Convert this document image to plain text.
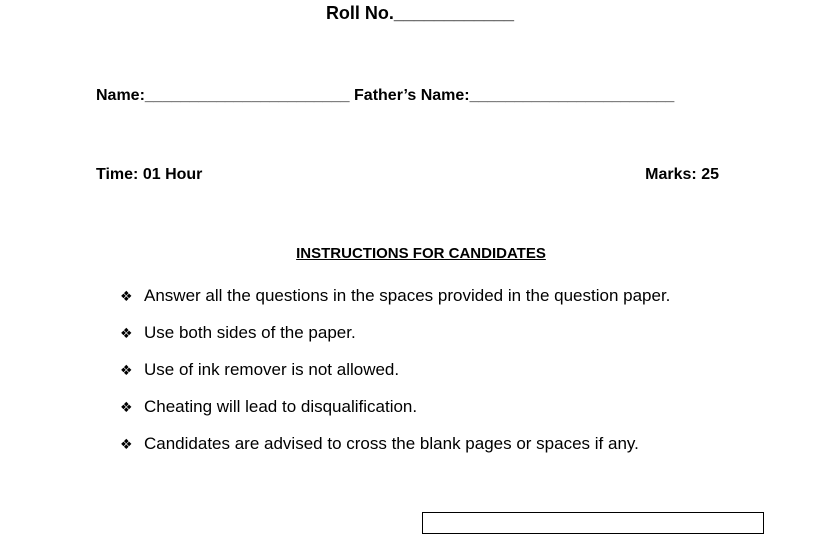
Roll No.____________
Name:_______________________ Father’s Name:_______________________
Time: 01 Hour	Marks: 25
INSTRUCTIONS FOR CANDIDATES
❖ Answer all the questions in the spaces provided in the question paper.
❖ Use both sides of the paper.
❖ Use of ink remover is not allowed.
❖ Cheating will lead to disqualification.
❖ Candidates are advised to cross the blank pages or spaces if any.
